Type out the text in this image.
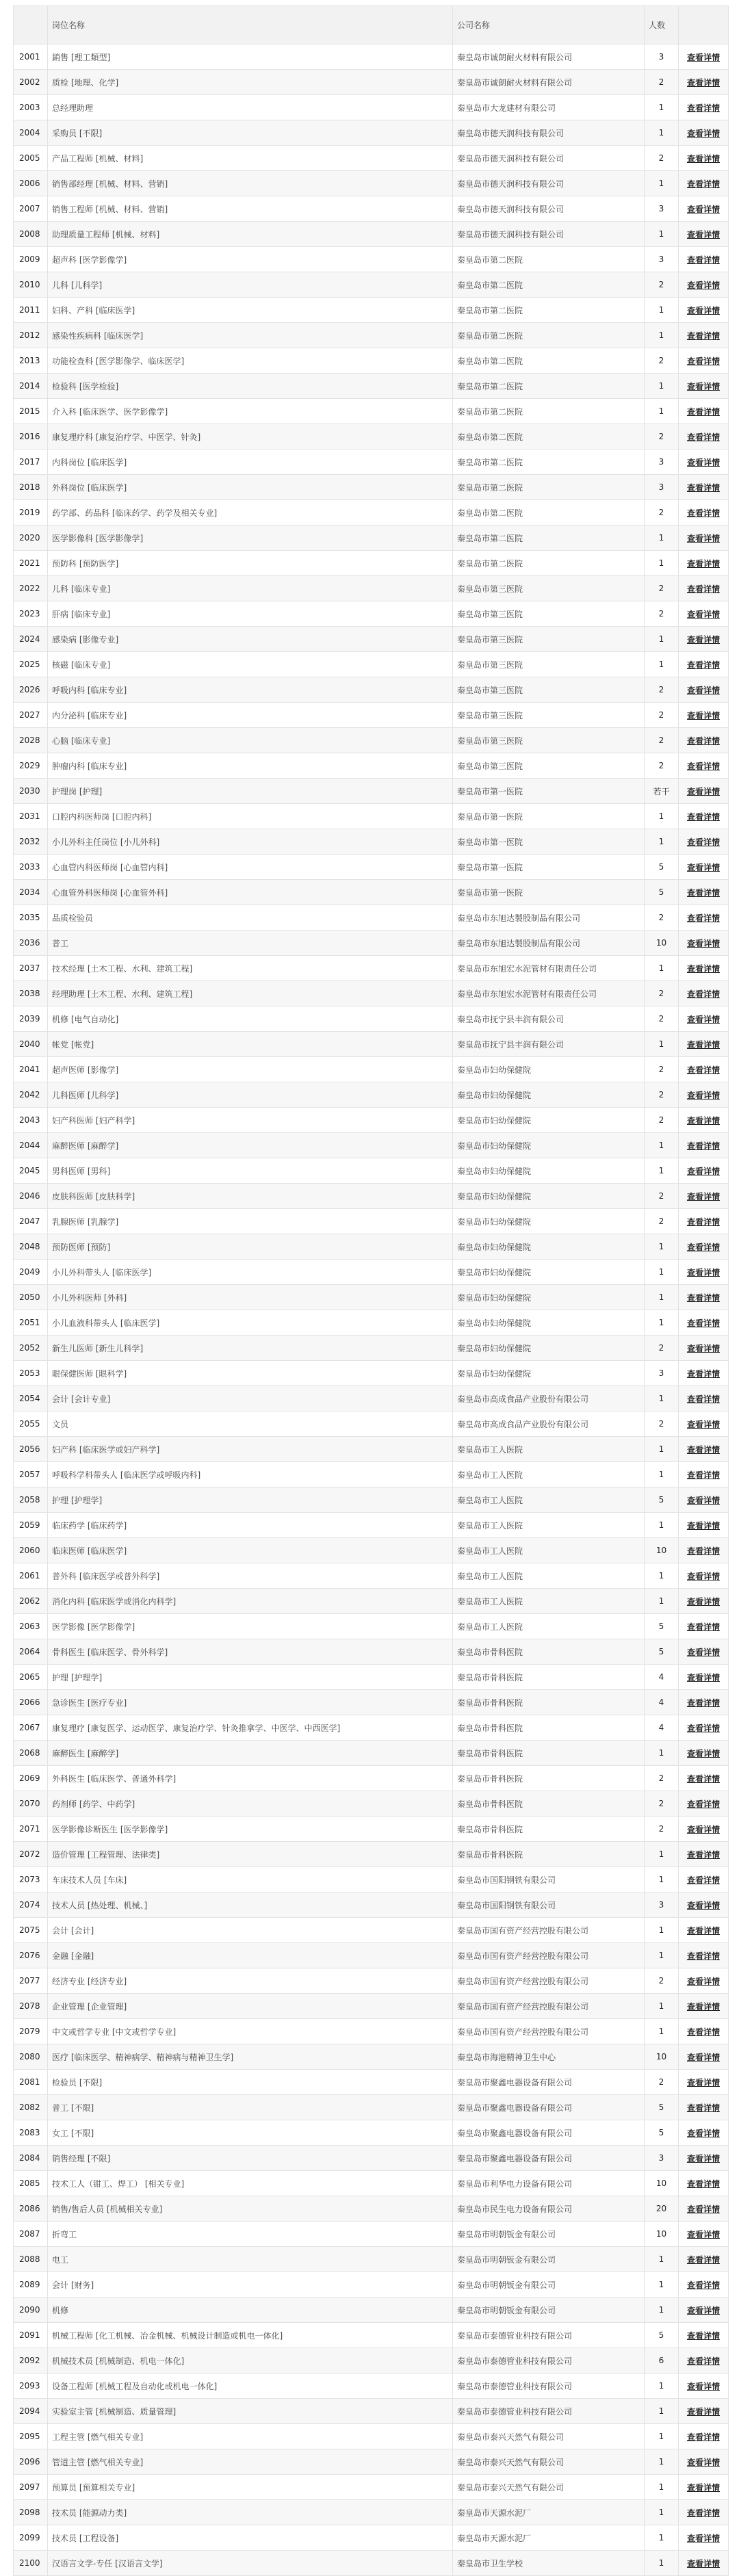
	岗位名称	公司名称	人数	
2001	銷售 [理工類型]	秦皇岛市诚朗耐火材料有限公司	3	查看详情
2002	质检 [地理、化学]	秦皇岛市诚朗耐火材料有限公司	2	查看详情
2003	总经理助理	秦皇岛市大龙建材有限公司	1	查看详情
2004	采购员 [不限]	秦皇岛市德天润科技有限公司	1	查看详情
2005	产品工程师 [机械、材料]	秦皇岛市德天润科技有限公司	2	查看详情
2006	销售部经理 [机械、材料、营销]	秦皇岛市德天润科技有限公司	1	查看详情
2007	销售工程师 [机械、材料、营销]	秦皇岛市德天润科技有限公司	3	查看详情
2008	助理质量工程师 [机械、材料]	秦皇岛市德天润科技有限公司	1	查看详情
2009	超声科 [医学影像学]	秦皇岛市第二医院	3	查看详情
2010	儿科 [儿科学]	秦皇岛市第二医院	2	查看详情
2011	妇科、产科 [临床医学]	秦皇岛市第二医院	1	查看详情
2012	感染性疾病科 [临床医学]	秦皇岛市第二医院	1	查看详情
2013	功能检查科 [医学影像学、临床医学]	秦皇岛市第二医院	2	查看详情
2014	检验科 [医学检验]	秦皇岛市第二医院	1	查看详情
2015	介入科 [临床医学、医学影像学]	秦皇岛市第二医院	1	查看详情
2016	康复理疗科 [康复治疗学、中医学、针灸]	秦皇岛市第二医院	2	查看详情
2017	内科岗位 [临床医学]	秦皇岛市第二医院	3	查看详情
2018	外科岗位 [临床医学]	秦皇岛市第二医院	3	查看详情
2019	药学部、药品科 [临床药学、药学及相关专业]	秦皇岛市第二医院	2	查看详情
2020	医学影像科 [医学影像学]	秦皇岛市第二医院	1	查看详情
2021	预防科 [预防医学]	秦皇岛市第二医院	1	查看详情
2022	儿科 [临床专业]	秦皇岛市第三医院	2	查看详情
2023	肝病 [临床专业]	秦皇岛市第三医院	2	查看详情
2024	感染病 [影像专业]	秦皇岛市第三医院	1	查看详情
2025	核磁 [临床专业]	秦皇岛市第三医院	1	查看详情
2026	呼吸内科 [临床专业]	秦皇岛市第三医院	2	查看详情
2027	内分泌科 [临床专业]	秦皇岛市第三医院	2	查看详情
2028	心脑 [临床专业]	秦皇岛市第三医院	2	查看详情
2029	肿瘤内科 [临床专业]	秦皇岛市第三医院	2	查看详情
2030	护理岗 [护理]	秦皇岛市第一医院	若干	查看详情
2031	口腔内科医师岗 [口腔内科]	秦皇岛市第一医院	1	查看详情
2032	小儿外科主任岗位 [小儿外科]	秦皇岛市第一医院	1	查看详情
2033	心血管内科医师岗 [心血管内科]	秦皇岛市第一医院	5	查看详情
2034	心血管外科医师岗 [心血管外科]	秦皇岛市第一医院	5	查看详情
2035	品质检验员	秦皇岛市东旭达製股制品有限公司	2	查看详情
2036	普工	秦皇岛市东旭达製股制品有限公司	10	查看详情
2037	技术经理 [土木工程、水利、建筑工程]	秦皇岛市东旭宏水泥管材有限责任公司	1	查看详情
2038	经理助理 [土木工程、水利、建筑工程]	秦皇岛市东旭宏水泥管材有限责任公司	2	查看详情
2039	机修 [电气自动化]	秦皇岛市抚宁县丰润有限公司	2	查看详情
2040	帐党 [帐党]	秦皇岛市抚宁县丰润有限公司	1	查看详情
2041	超声医师 [影像学]	秦皇岛市妇幼保健院	2	查看详情
2042	儿科医师 [儿科学]	秦皇岛市妇幼保健院	2	查看详情
2043	妇产科医师 [妇产科学]	秦皇岛市妇幼保健院	2	查看详情
2044	麻醉医师 [麻醉学]	秦皇岛市妇幼保健院	1	查看详情
2045	男科医师 [男科]	秦皇岛市妇幼保健院	1	查看详情
2046	皮肤科医师 [皮肤科学]	秦皇岛市妇幼保健院	2	查看详情
2047	乳腺医师 [乳腺学]	秦皇岛市妇幼保健院	2	查看详情
2048	预防医师 [预防]	秦皇岛市妇幼保健院	1	查看详情
2049	小儿外科带头人 [临床医学]	秦皇岛市妇幼保健院	1	查看详情
2050	小儿外科医师 [外科]	秦皇岛市妇幼保健院	1	查看详情
2051	小儿血液科带头人 [临床医学]	秦皇岛市妇幼保健院	1	查看详情
2052	新生儿医师 [新生儿科学]	秦皇岛市妇幼保健院	2	查看详情
2053	眼保健医师 [眼科学]	秦皇岛市妇幼保健院	3	查看详情
2054	会计 [会计专业]	秦皇岛市高成食品产业股份有限公司	1	查看详情
2055	文员	秦皇岛市高成食品产业股份有限公司	2	查看详情
2056	妇产科 [临床医学或妇产科学]	秦皇岛市工人医院	1	查看详情
2057	呼吸科学科带头人 [临床医学或呼吸内科]	秦皇岛市工人医院	1	查看详情
2058	护理 [护理学]	秦皇岛市工人医院	5	查看详情
2059	临床药学 [临床药学]	秦皇岛市工人医院	1	查看详情
2060	临床医师 [临床医学]	秦皇岛市工人医院	10	查看详情
2061	普外科 [临床医学或普外科学]	秦皇岛市工人医院	1	查看详情
2062	消化内科 [临床医学或消化内科学]	秦皇岛市工人医院	1	查看详情
2063	医学影像 [医学影像学]	秦皇岛市工人医院	5	查看详情
2064	骨科医生 [临床医学、骨外科学]	秦皇岛市骨科医院	5	查看详情
2065	护理 [护理学]	秦皇岛市骨科医院	4	查看详情
2066	急诊医生 [医疗专业]	秦皇岛市骨科医院	4	查看详情
2067	康复理疗 [康复医学、运动医学、康复治疗学、针灸推拿学、中医学、中西医学]	秦皇岛市骨科医院	4	查看详情
2068	麻醉医生 [麻醉学]	秦皇岛市骨科医院	1	查看详情
2069	外科医生 [临床医学、普通外科学]	秦皇岛市骨科医院	2	查看详情
2070	药剂师 [药学、中药学]	秦皇岛市骨科医院	2	查看详情
2071	医学影像诊断医生 [医学影像学]	秦皇岛市骨科医院	2	查看详情
2072	造价管理 [工程管理、法律类]	秦皇岛市骨科医院	1	查看详情
2073	车床技术人员 [车床]	秦皇岛市国阳钢铁有限公司	1	查看详情
2074	技术人员 [热处理、机械、]	秦皇岛市国阳钢铁有限公司	3	查看详情
2075	会计 [会计]	秦皇岛市国有资产经营控股有限公司	1	查看详情
2076	金融 [金融]	秦皇岛市国有资产经营控股有限公司	1	查看详情
2077	经济专业 [经济专业]	秦皇岛市国有资产经营控股有限公司	2	查看详情
2078	企业管理 [企业管理]	秦皇岛市国有资产经营控股有限公司	1	查看详情
2079	中文或哲学专业 [中文或哲学专业]	秦皇岛市国有资产经营控股有限公司	1	查看详情
2080	医疗 [临床医学、精神病学、精神病与精神卫生学]	秦皇岛市海港精神卫生中心	10	查看详情
2081	检验员 [不限]	秦皇岛市聚鑫电器设备有限公司	2	查看详情
2082	普工 [不限]	秦皇岛市聚鑫电器设备有限公司	5	查看详情
2083	女工 [不限]	秦皇岛市聚鑫电器设备有限公司	5	查看详情
2084	销售经理 [不限]	秦皇岛市聚鑫电器设备有限公司	3	查看详情
2085	技术工人（钳工、焊工） [相关专业]	秦皇岛市利华电力设备有限公司	10	查看详情
2086	销售/售后人员 [机械相关专业]	秦皇岛市民生电力设备有限公司	20	查看详情
2087	折弯工	秦皇岛市明朝钣金有限公司	10	查看详情
2088	电工	秦皇岛市明朝钣金有限公司	1	查看详情
2089	会计 [财务]	秦皇岛市明朝钣金有限公司	1	查看详情
2090	机修	秦皇岛市明朝钣金有限公司	1	查看详情
2091	机械工程师 [化工机械、冶金机械、机械设计制造或机电一体化]	秦皇岛市泰德管业科技有限公司	5	查看详情
2092	机械技术员 [机械制造、机电一体化]	秦皇岛市泰德管业科技有限公司	6	查看详情
2093	设备工程师 [机械工程及自动化或机电一体化]	秦皇岛市泰德管业科技有限公司	1	查看详情
2094	实验室主管 [机械制造、质量管理]	秦皇岛市泰德管业科技有限公司	1	查看详情
2095	工程主管 [燃气相关专业]	秦皇岛市泰兴天然气有限公司	1	查看详情
2096	管道主管 [燃气相关专业]	秦皇岛市泰兴天然气有限公司	1	查看详情
2097	预算员 [预算相关专业]	秦皇岛市泰兴天然气有限公司	1	查看详情
2098	技术员 [能源动力类]	秦皇岛市天源水泥厂	1	查看详情
2099	技术员 [工程设备]	秦皇岛市天源水泥厂	1	查看详情
2100	汉语言文学-专任 [汉语言文学]	秦皇岛市卫生学校	1	查看详情
